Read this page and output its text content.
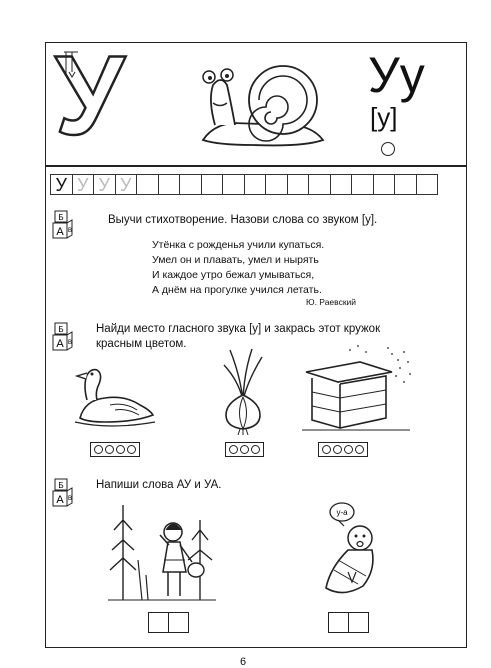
У	Уу
[у]
У У У У
Б
А В
Выучи стихотворение. Назови слова со звуком [у].
Утёнка с рожденья учили купаться.
Умел он и плавать, умел и нырять
И каждое утро бежал умываться,
А днём на прогулке учился летать.
Ю. Раевский
Б
А В
Найди место гласного звука [у] и закрась этот кружок
красным цветом.
Б
А В
Напиши слова АУ и УА.
у-а
6
